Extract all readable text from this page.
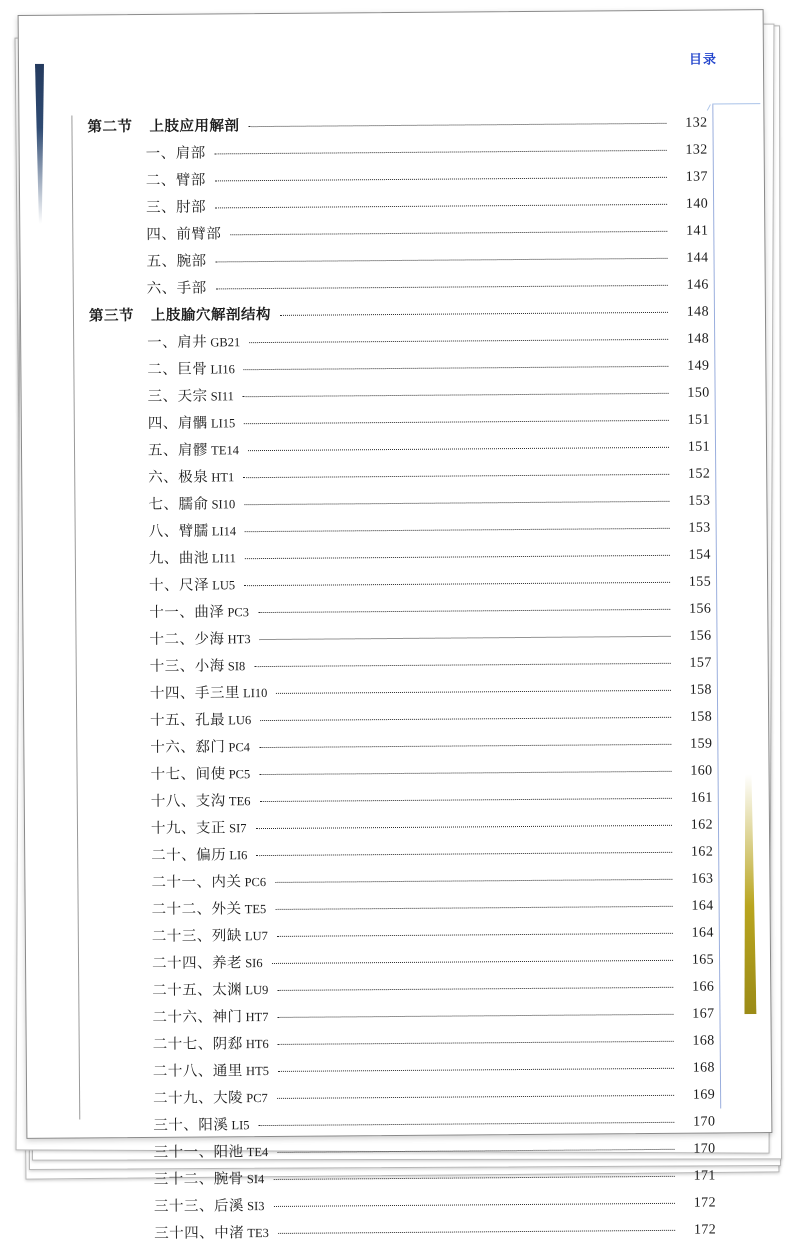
目录
第二节 上肢应用解剖	132
一、肩部	132
二、臂部	137
三、肘部	140
四、前臂部	141
五、腕部	144
六、手部	146
第三节 上肢腧穴解剖结构	148
一、肩井 GB21	148
二、巨骨 LI16	149
三、天宗 SI11	150
四、肩髃 LI15	151
五、肩髎 TE14	151
六、极泉 HT1	152
七、臑俞 SI10	153
八、臂臑 LI14	153
九、曲池 LI11	154
十、尺泽 LU5	155
十一、曲泽 PC3	156
十二、少海 HT3	156
十三、小海 SI8	157
十四、手三里 LI10	158
十五、孔最 LU6	158
十六、郄门 PC4	159
十七、间使 PC5	160
十八、支沟 TE6	161
十九、支正 SI7	162
二十、偏历 LI6	162
二十一、内关 PC6	163
二十二、外关 TE5	164
二十三、列缺 LU7	164
二十四、养老 SI6	165
二十五、太渊 LU9	166
二十六、神门 HT7	167
二十七、阴郄 HT6	168
二十八、通里 HT5	168
二十九、大陵 PC7	169
三十、阳溪 LI5	170
三十一、阳池 TE4	170
三十二、腕骨 SI4	171
三十三、后溪 SI3	172
三十四、中渚 TE3	172
